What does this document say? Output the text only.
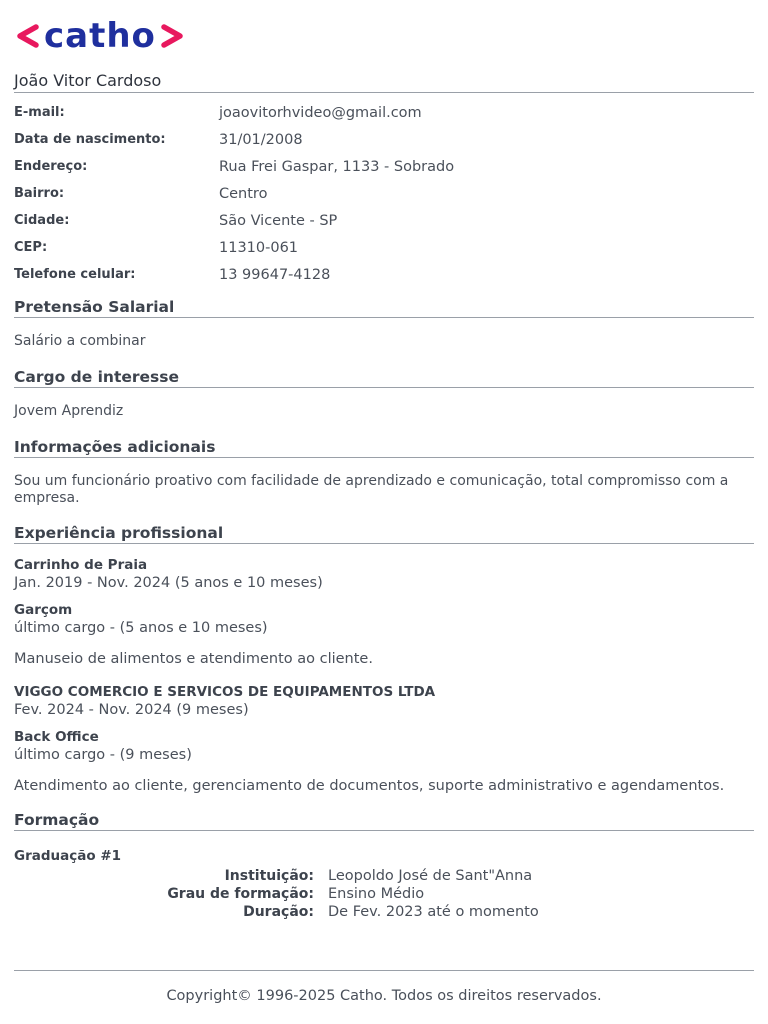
catho
João Vitor Cardoso
E-mail:	joaovitorhvideo@gmail.com
Data de nascimento:	31/01/2008
Endereço:	Rua Frei Gaspar, 1133 - Sobrado
Bairro:	Centro
Cidade:	São Vicente - SP
CEP:	11310-061
Telefone celular:	13 99647-4128
Pretensão Salarial
Salário a combinar
Cargo de interesse
Jovem Aprendiz
Informações adicionais
Sou um funcionário proativo com facilidade de aprendizado e comunicação, total compromisso com a empresa.
Experiência profissional
Carrinho de Praia
Jan. 2019 - Nov. 2024 (5 anos e 10 meses)
Garçom
último cargo - (5 anos e 10 meses)
Manuseio de alimentos e atendimento ao cliente.
VIGGO COMERCIO E SERVICOS DE EQUIPAMENTOS LTDA
Fev. 2024 - Nov. 2024 (9 meses)
Back Office
último cargo - (9 meses)
Atendimento ao cliente, gerenciamento de documentos, suporte administrativo e agendamentos.
Formação
Graduação #1
Instituição: Leopoldo José de Sant"Anna
Grau de formação: Ensino Médio
Duração: De Fev. 2023 até o momento
Copyright© 1996-2025 Catho. Todos os direitos reservados.
